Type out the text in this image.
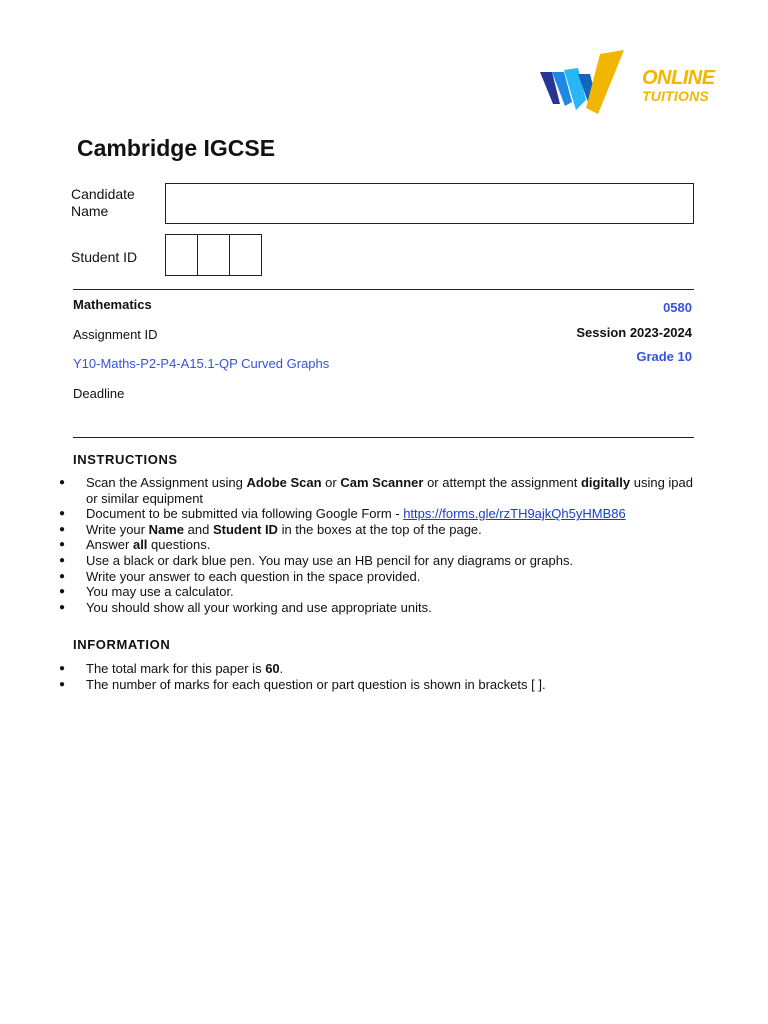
ONLINE
TUITIONS
Cambridge IGCSE
Candidate
Name
Student ID
Mathematics	0580
Assignment ID	Session 2023-2024
Y10-Maths-P2-P4-A15.1-QP Curved Graphs	Grade 10
Deadline
INSTRUCTIONS
● Scan the Assignment using Adobe Scan or Cam Scanner or attempt the assignment digitally using ipad or similar equipment
● Document to be submitted via following Google Form - https://forms.gle/rzTH9ajkQh5yHMB86
● Write your Name and Student ID in the boxes at the top of the page.
● Answer all questions.
● Use a black or dark blue pen. You may use an HB pencil for any diagrams or graphs.
● Write your answer to each question in the space provided.
● You may use a calculator.
● You should show all your working and use appropriate units.
INFORMATION
● The total mark for this paper is 60.
● The number of marks for each question or part question is shown in brackets [ ].
